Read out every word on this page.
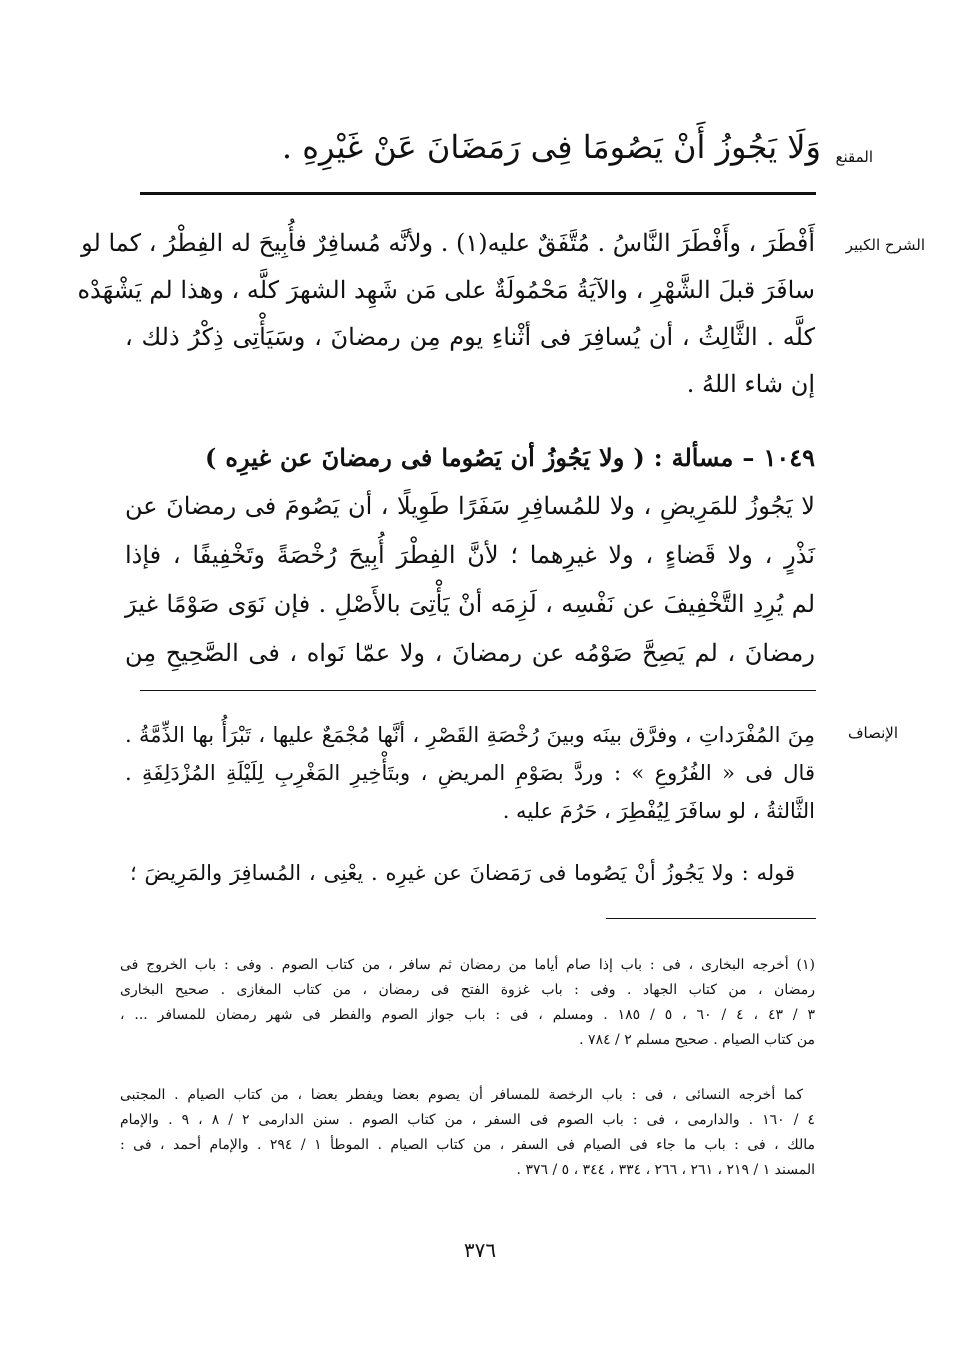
المقنع
وَلَا يَجُوزُ أَنْ يَصُومَا فِى رَمَضَانَ عَنْ غَيْرِهِ .
الشرح الكبير
أَفْطَرَ ، وأَفْطَرَ النَّاسُ . مُتَّفَقٌ عليه(١) . ولأنَّه مُسافِرٌ فأُبِيحَ له الفِطْرُ ، كما لو
سافَرَ قبلَ الشَّهْرِ ، والآيَةُ مَحْمُولَةٌ على مَن شَهِد الشهرَ كلَّه ، وهذا لم يَشْهَدْه
كلَّه . الثَّالِثُ ، أن يُسافِرَ فى أثْناءِ يوم مِن رمضانَ ، وسَيَأْتِى ذِكْرُ ذلك ،
إن شاء اللهُ .
١٠٤٩ – مسألة : ( ولا يَجُوزُ أن يَصُوما فى رمضانَ عن غيرِه )
لا يَجُوزُ للمَرِيضِ ، ولا للمُسافِرِ سَفَرًا طَوِيلًا ، أن يَصُومَ فى رمضانَ عن
نَذْرٍ ، ولا قَضاءٍ ، ولا غيرِهما ؛ لأنَّ الفِطْرَ أُبِيحَ رُخْصَةً وتَخْفِيفًا ، فإذا
لم يُرِدِ التَّخْفِيفَ عن نَفْسِه ، لَزِمَه أنْ يَأْتِىَ بالأَصْلِ . فإن نَوَى صَوْمًا غيرَ
رمضانَ ، لم يَصِحَّ صَوْمُه عن رمضانَ ، ولا عمّا نَواه ، فى الصَّحِيحِ مِن
الإنصاف
مِنَ المُفْرَداتِ ، وفرَّق بينَه وبينَ رُخْصَةِ القَصْرِ ، أنَّها مُجْمَعٌ عليها ، تَبْرَأُ بها الذِّمَّةُ .
قال فى « الفُرُوعِ » : وردَّ بصَوْمِ المريضِ ، وبتَأْخِيرِ المَغْرِبِ لِلَيْلَةِ المُزْدَلِفَةِ .
الثَّالثةُ ، لو سافَرَ لِيُفْطِرَ ، حَرُمَ عليه .
قوله : ولا يَجُوزُ أنْ يَصُوما فى رَمَضانَ عن غيرِه . يعْنِى ، المُسافِرَ والمَرِيضَ ؛
(١) أخرجه البخارى ، فى : باب إذا صام أياما من رمضان ثم سافر ، من كتاب الصوم . وفى : باب الخروج فى
رمضان ، من كتاب الجهاد . وفى : باب غزوة الفتح فى رمضان ، من كتاب المغازى . صحيح البخارى
٣ / ٤٣ ، ٤ / ٦٠ ، ٥ / ١٨٥ . ومسلم ، فى : باب جواز الصوم والفطر فى شهر رمضان للمسافر ... ،
من كتاب الصيام . صحيح مسلم ٢ / ٧٨٤ .
كما أخرجه النسائى ، فى : باب الرخصة للمسافر أن يصوم بعضا ويفطر بعضا ، من كتاب الصيام . المجتبى
٤ / ١٦٠ . والدارمى ، فى : باب الصوم فى السفر ، من كتاب الصوم . سنن الدارمى ٢ / ٨ ، ٩ . والإمام
مالك ، فى : باب ما جاء فى الصيام فى السفر ، من كتاب الصيام . الموطأ ١ / ٢٩٤ . والإمام أحمد ، فى :
المسند ١ / ٢١٩ ، ٢٦١ ، ٢٦٦ ، ٣٣٤ ، ٣٤٤ ، ٥ / ٣٧٦ .
٣٧٦
